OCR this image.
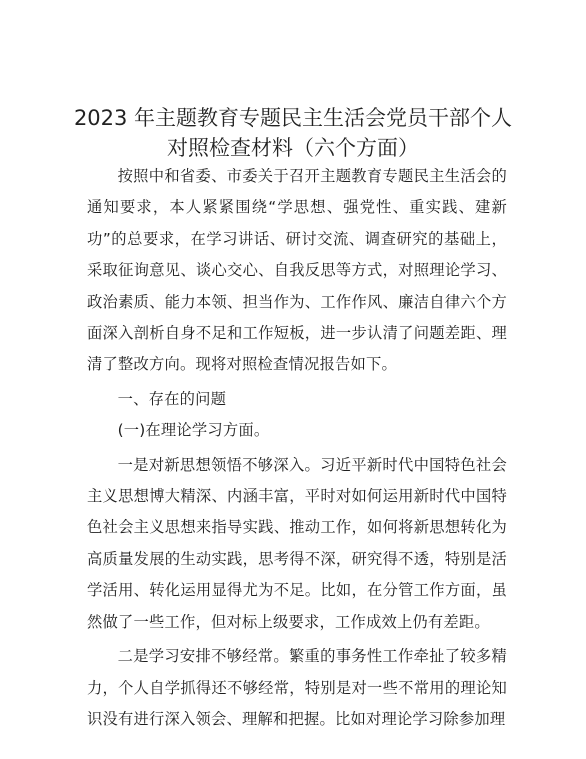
2023 年主题教育专题民主生活会党员干部个人
对照检查材料（六个方面）

按照中和省委、市委关于召开主题教育专题民主生活会的通知要求，本人紧紧围绕“学思想、强党性、重实践、建新功”的总要求，在学习讲话、研讨交流、调查研究的基础上，采取征询意见、谈心交心、自我反思等方式，对照理论学习、政治素质、能力本领、担当作为、工作作风、廉洁自律六个方面深入剖析自身不足和工作短板，进一步认清了问题差距、理清了整改方向。现将对照检查情况报告如下。

一、存在的问题

(一)在理论学习方面。

一是对新思想领悟不够深入。习近平新时代中国特色社会主义思想博大精深、内涵丰富，平时对如何运用新时代中国特色社会主义思想来指导实践、推动工作，如何将新思想转化为高质量发展的生动实践，思考得不深，研究得不透，特别是活学活用、转化运用显得尤为不足。比如，在分管工作方面，虽然做了一些工作，但对标上级要求，工作成效上仍有差距。

二是学习安排不够经常。繁重的事务性工作牵扯了较多精力，个人自学抓得还不够经常，特别是对一些不常用的理论知识没有进行深入领会、理解和把握。比如对理论学习除参加理
